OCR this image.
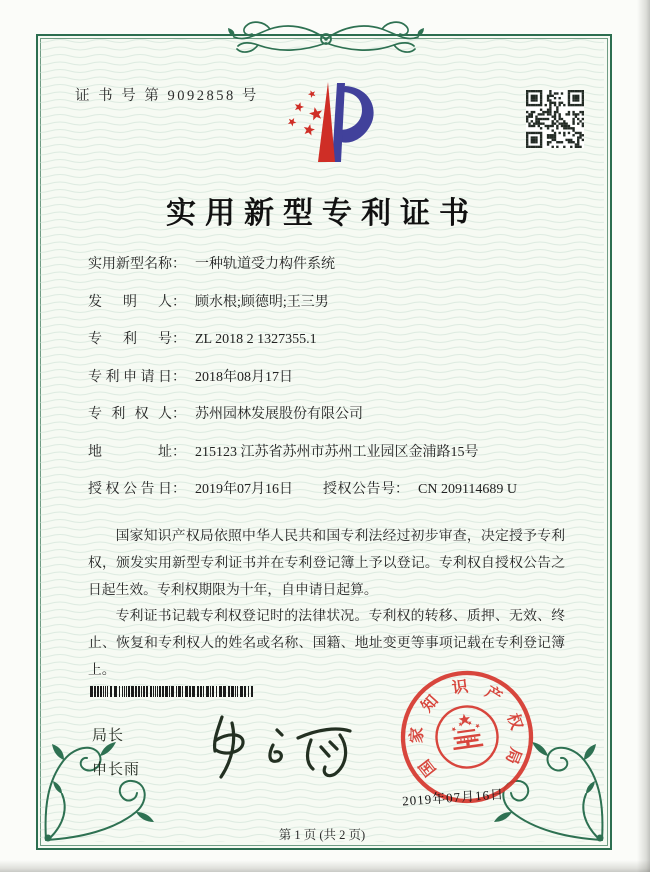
证 书 号 第 9092858 号
实用新型专利证书
实用新型名称： 一种轨道受力构件系统
发明人： 顾水根;顾德明;王三男
专利号： ZL 2018 2 1327355.1
专利申请日： 2018年08月17日
专利权人： 苏州园林发展股份有限公司
地址： 215123 江苏省苏州市苏州工业园区金浦路15号
授权公告日： 2019年07月16日 授权公告号： CN 209114689 U

国家知识产权局依照中华人民共和国专利法经过初步审查，决定授予专利权，颁发实用新型专利证书并在专利登记簿上予以登记。专利权自授权公告之日起生效。专利权期限为十年，自申请日起算。

专利证书记载专利权登记时的法律状况。专利权的转移、质押、无效、终止、恢复和专利权人的姓名或名称、国籍、地址变更等事项记载在专利登记簿上。

局长
申长雨	国
家
知
识 产
权
局
2019年07月16日
第 1 页 (共 2 页)
